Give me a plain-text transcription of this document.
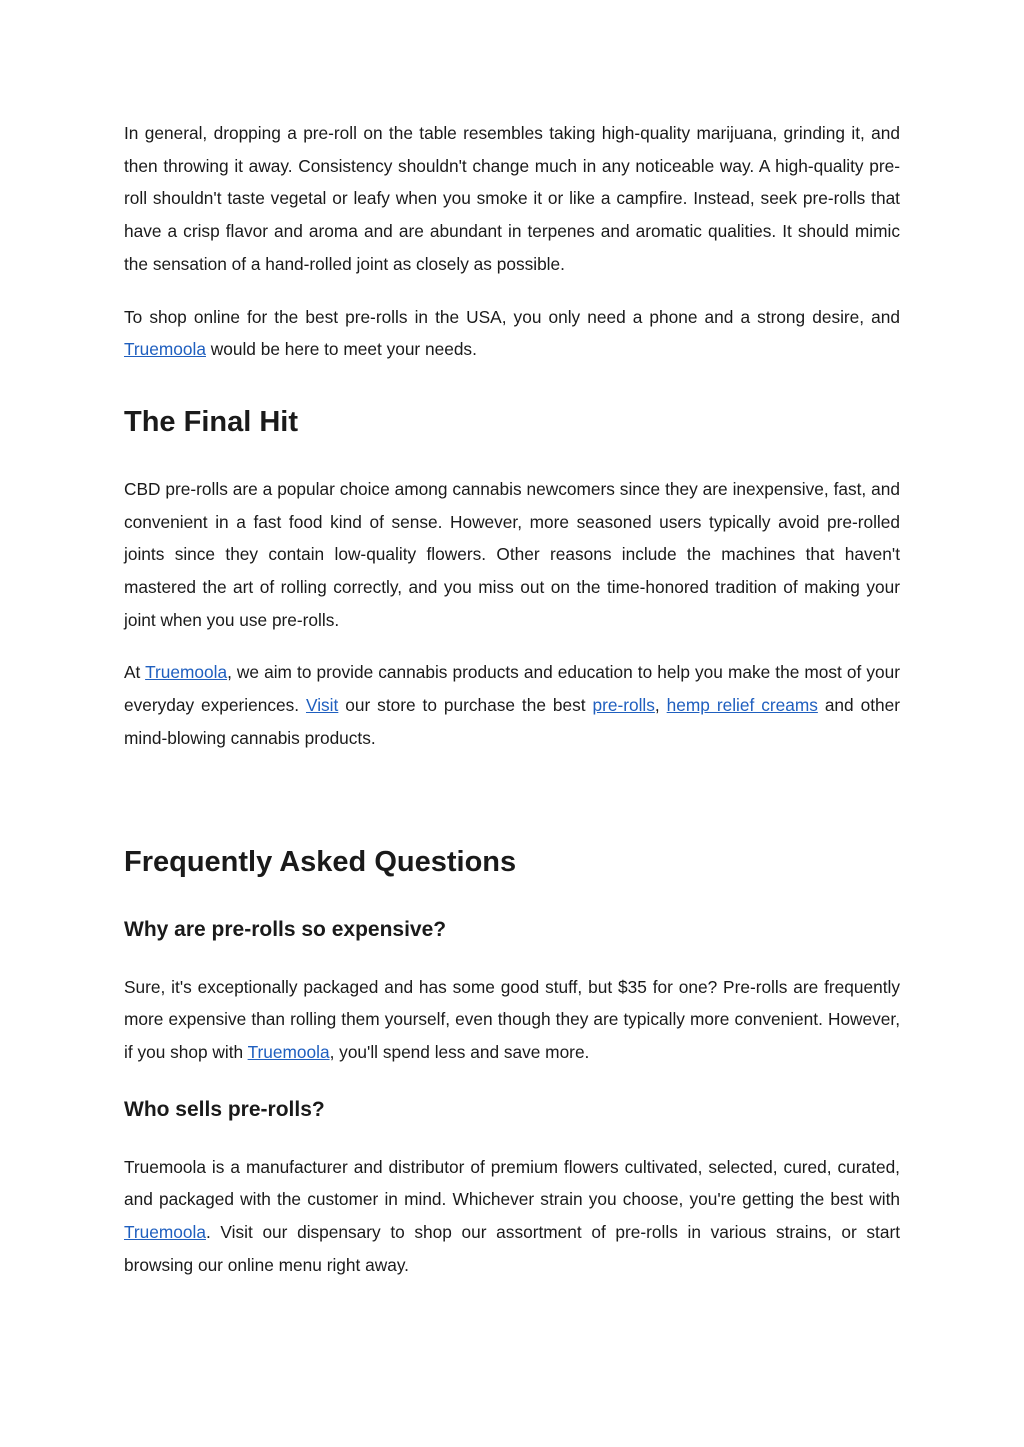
In general, dropping a pre-roll on the table resembles taking high-quality marijuana, grinding it, and then throwing it away. Consistency shouldn't change much in any noticeable way. A high-quality pre-roll shouldn't taste vegetal or leafy when you smoke it or like a campfire. Instead, seek pre-rolls that have a crisp flavor and aroma and are abundant in terpenes and aromatic qualities. It should mimic the sensation of a hand-rolled joint as closely as possible.

To shop online for the best pre-rolls in the USA, you only need a phone and a strong desire, and Truemoola would be here to meet your needs.

The Final Hit

CBD pre-rolls are a popular choice among cannabis newcomers since they are inexpensive, fast, and convenient in a fast food kind of sense. However, more seasoned users typically avoid pre-rolled joints since they contain low-quality flowers. Other reasons include the machines that haven't mastered the art of rolling correctly, and you miss out on the time-honored tradition of making your joint when you use pre-rolls.

At Truemoola, we aim to provide cannabis products and education to help you make the most of your everyday experiences. Visit our store to purchase the best pre-rolls, hemp relief creams and other mind-blowing cannabis products.

Frequently Asked Questions
Why are pre-rolls so expensive?

Sure, it's exceptionally packaged and has some good stuff, but $35 for one? Pre-rolls are frequently more expensive than rolling them yourself, even though they are typically more convenient. However, if you shop with Truemoola, you'll spend less and save more.

Who sells pre-rolls?

Truemoola is a manufacturer and distributor of premium flowers cultivated, selected, cured, curated, and packaged with the customer in mind. Whichever strain you choose, you're getting the best with Truemoola. Visit our dispensary to shop our assortment of pre-rolls in various strains, or start browsing our online menu right away.
